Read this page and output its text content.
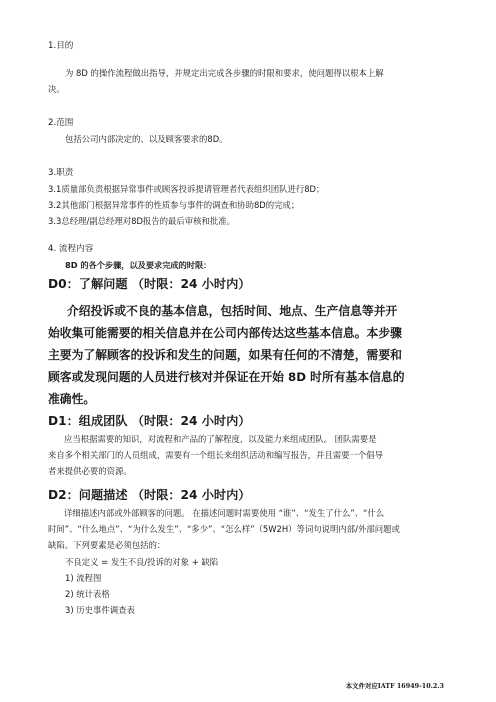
1.目的
为 8D 的操作流程做出指导，并规定出完成各步骤的时限和要求，使问题得以根本上解
决。
2.范围
包括公司内部决定的、以及顾客要求的8D。
3.职责
3.1质量部负责根据异常事件或顾客投诉提请管理者代表组织团队进行8D；
3.2其他部门根据异常事件的性质参与事件的调查和协助8D的完成；
3.3总经理/副总经理对8D报告的最后审核和批准。
4. 流程内容
8D 的各个步骤，以及要求完成的时限：
D0：了解问题 （时限：24 小时内）
介绍投诉或不良的基本信息，包括时间、地点、生产信息等并开
始收集可能需要的相关信息并在公司内部传达这些基本信息。本步骤
主要为了解顾客的投诉和发生的问题，如果有任何的不清楚，需要和
顾客或发现问题的人员进行核对并保证在开始 8D 时所有基本信息的
准确性。
D1：组成团队 （时限：24 小时内）
应当根据需要的知识，对流程和产品的了解程度，以及能力来组成团队。 团队需要是
来自多个相关部门的人员组成，需要有一个组长来组织活动和编写报告，并且需要一个倡导
者来提供必要的资源。
D2：问题描述 （时限：24 小时内）
详细描述内部或外部顾客的问题。 在描述问题时需要使用 “谁”、“发生了什么”、“什么
时间”、“什么地点”、“为什么发生”、“多少”、“怎么样”（5W2H）等词句说明内部/外部问题或
缺陷。下列要素是必须包括的：
不良定义 = 发生不良/投诉的对象 + 缺陷
1) 流程图
2) 统计表格
3) 历史事件调查表
本文件对应IATF 16949-10.2.3
